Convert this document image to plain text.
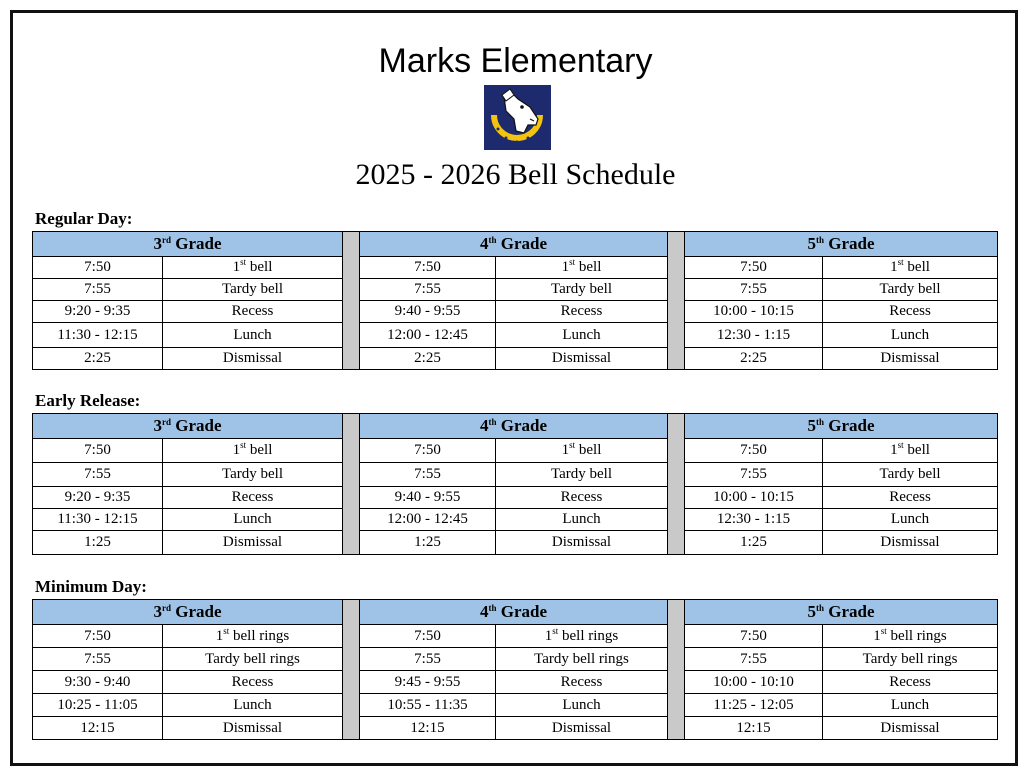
Marks Elementary
2025 - 2026 Bell Schedule
Regular Day:
3rd Grade			4th Grade			5th Grade	
7:50	1st bell		7:50	1st bell		7:50	1st bell
7:55	Tardy bell		7:55	Tardy bell		7:55	Tardy bell
9:20 - 9:35	Recess		9:40 - 9:55	Recess		10:00 - 10:15	Recess
11:30 - 12:15	Lunch		12:00 - 12:45	Lunch		12:30 - 1:15	Lunch
2:25	Dismissal		2:25	Dismissal		2:25	Dismissal
Early Release:
3rd Grade			4th Grade			5th Grade	
7:50	1st bell		7:50	1st bell		7:50	1st bell
7:55	Tardy bell		7:55	Tardy bell		7:55	Tardy bell
9:20 - 9:35	Recess		9:40 - 9:55	Recess		10:00 - 10:15	Recess
11:30 - 12:15	Lunch		12:00 - 12:45	Lunch		12:30 - 1:15	Lunch
1:25	Dismissal		1:25	Dismissal		1:25	Dismissal
Minimum Day:
3rd Grade			4th Grade			5th Grade	
7:50	1st bell rings		7:50	1st bell rings		7:50	1st bell rings
7:55	Tardy bell rings		7:55	Tardy bell rings		7:55	Tardy bell rings
9:30 - 9:40	Recess		9:45 - 9:55	Recess		10:00 - 10:10	Recess
10:25 - 11:05	Lunch		10:55 - 11:35	Lunch		11:25 - 12:05	Lunch
12:15	Dismissal		12:15	Dismissal		12:15	Dismissal
